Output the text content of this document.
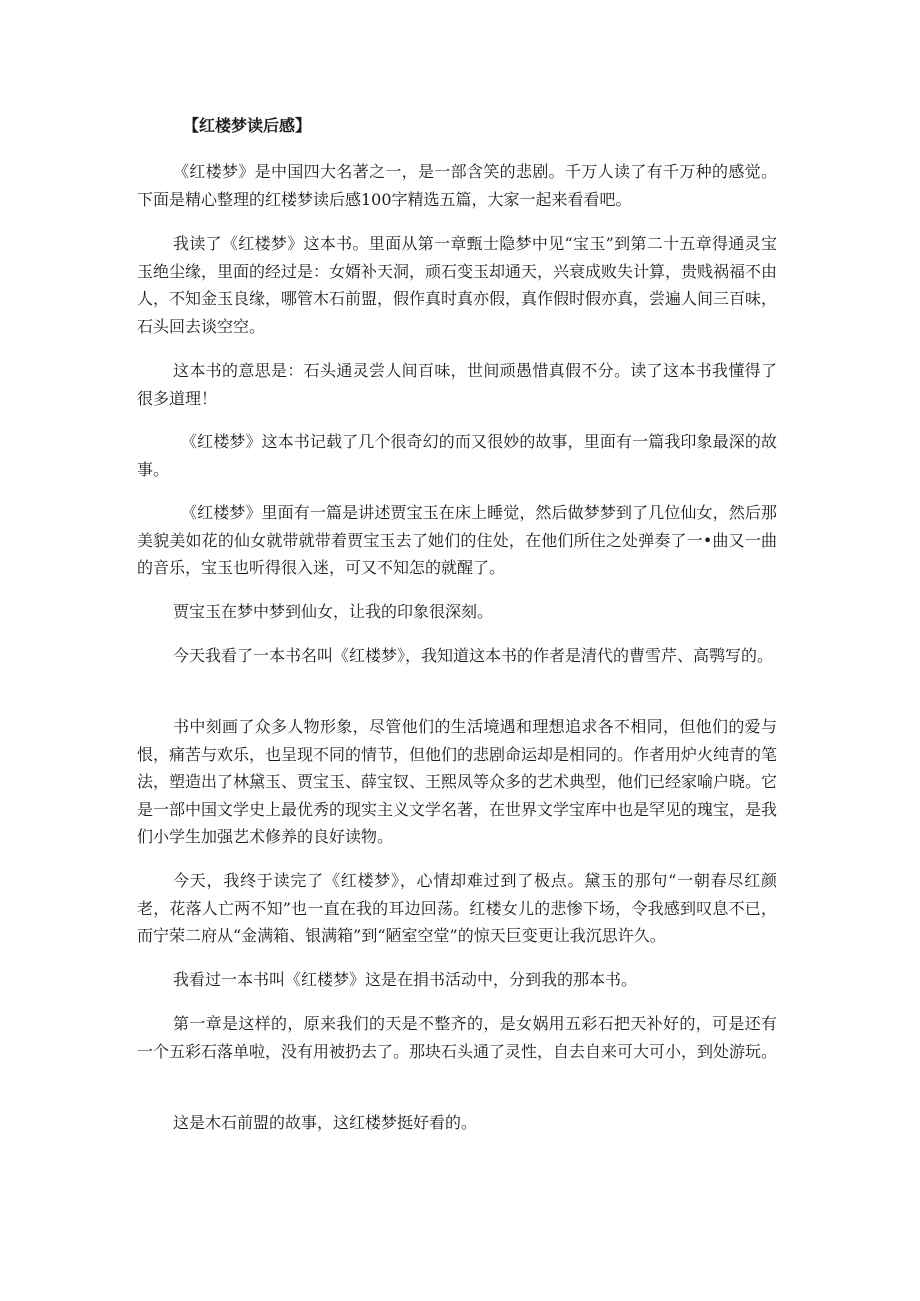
【红楼梦读后感】

《红楼梦》是中国四大名著之一，是一部含笑的悲剧。千万人读了有千万种的感觉。下面是精心整理的红楼梦读后感100字精选五篇，大家一起来看看吧。

我读了《红楼梦》这本书。里面从第一章甄士隐梦中见“宝玉”到第二十五章得通灵宝玉绝尘缘，里面的经过是：女婿补天洞，顽石变玉却通天，兴衰成败失计算，贵贱祸福不由人，不知金玉良缘，哪管木石前盟，假作真时真亦假，真作假时假亦真，尝遍人间三百味，石头回去谈空空。

这本书的意思是：石头通灵尝人间百味，世间顽愚惜真假不分。读了这本书我懂得了很多道理！

《红楼梦》这本书记载了几个很奇幻的而又很妙的故事，里面有一篇我印象最深的故事。

《红楼梦》里面有一篇是讲述贾宝玉在床上睡觉，然后做梦梦到了几位仙女，然后那美貌美如花的仙女就带就带着贾宝玉去了她们的住处，在他们所住之处弹奏了一•曲又一曲的音乐，宝玉也听得很入迷，可又不知怎的就醒了。

贾宝玉在梦中梦到仙女，让我的印象很深刻。

今天我看了一本书名叫《红楼梦》，我知道这本书的作者是清代的曹雪芹、高鹗写的。

书中刻画了众多人物形象，尽管他们的生活境遇和理想追求各不相同，但他们的爱与恨，痛苦与欢乐，也呈现不同的情节，但他们的悲剧命运却是相同的。作者用炉火纯青的笔法，塑造出了林黛玉、贾宝玉、薛宝钗、王熙凤等众多的艺术典型，他们已经家喻户晓。它是一部中国文学史上最优秀的现实主义文学名著，在世界文学宝库中也是罕见的瑰宝，是我们小学生加强艺术修养的良好读物。

今天，我终于读完了《红楼梦》，心情却难过到了极点。黛玉的那句“一朝春尽红颜老，花落人亡两不知”也一直在我的耳边回荡。红楼女儿的悲惨下场，令我感到叹息不已，而宁荣二府从“金满箱、银满箱”到“陋室空堂”的惊天巨变更让我沉思许久。

我看过一本书叫《红楼梦》这是在捐书活动中，分到我的那本书。

第一章是这样的，原来我们的天是不整齐的，是女娲用五彩石把天补好的，可是还有一个五彩石落单啦，没有用被扔去了。那块石头通了灵性，自去自来可大可小，到处游玩。

这是木石前盟的故事，这红楼梦挺好看的。
